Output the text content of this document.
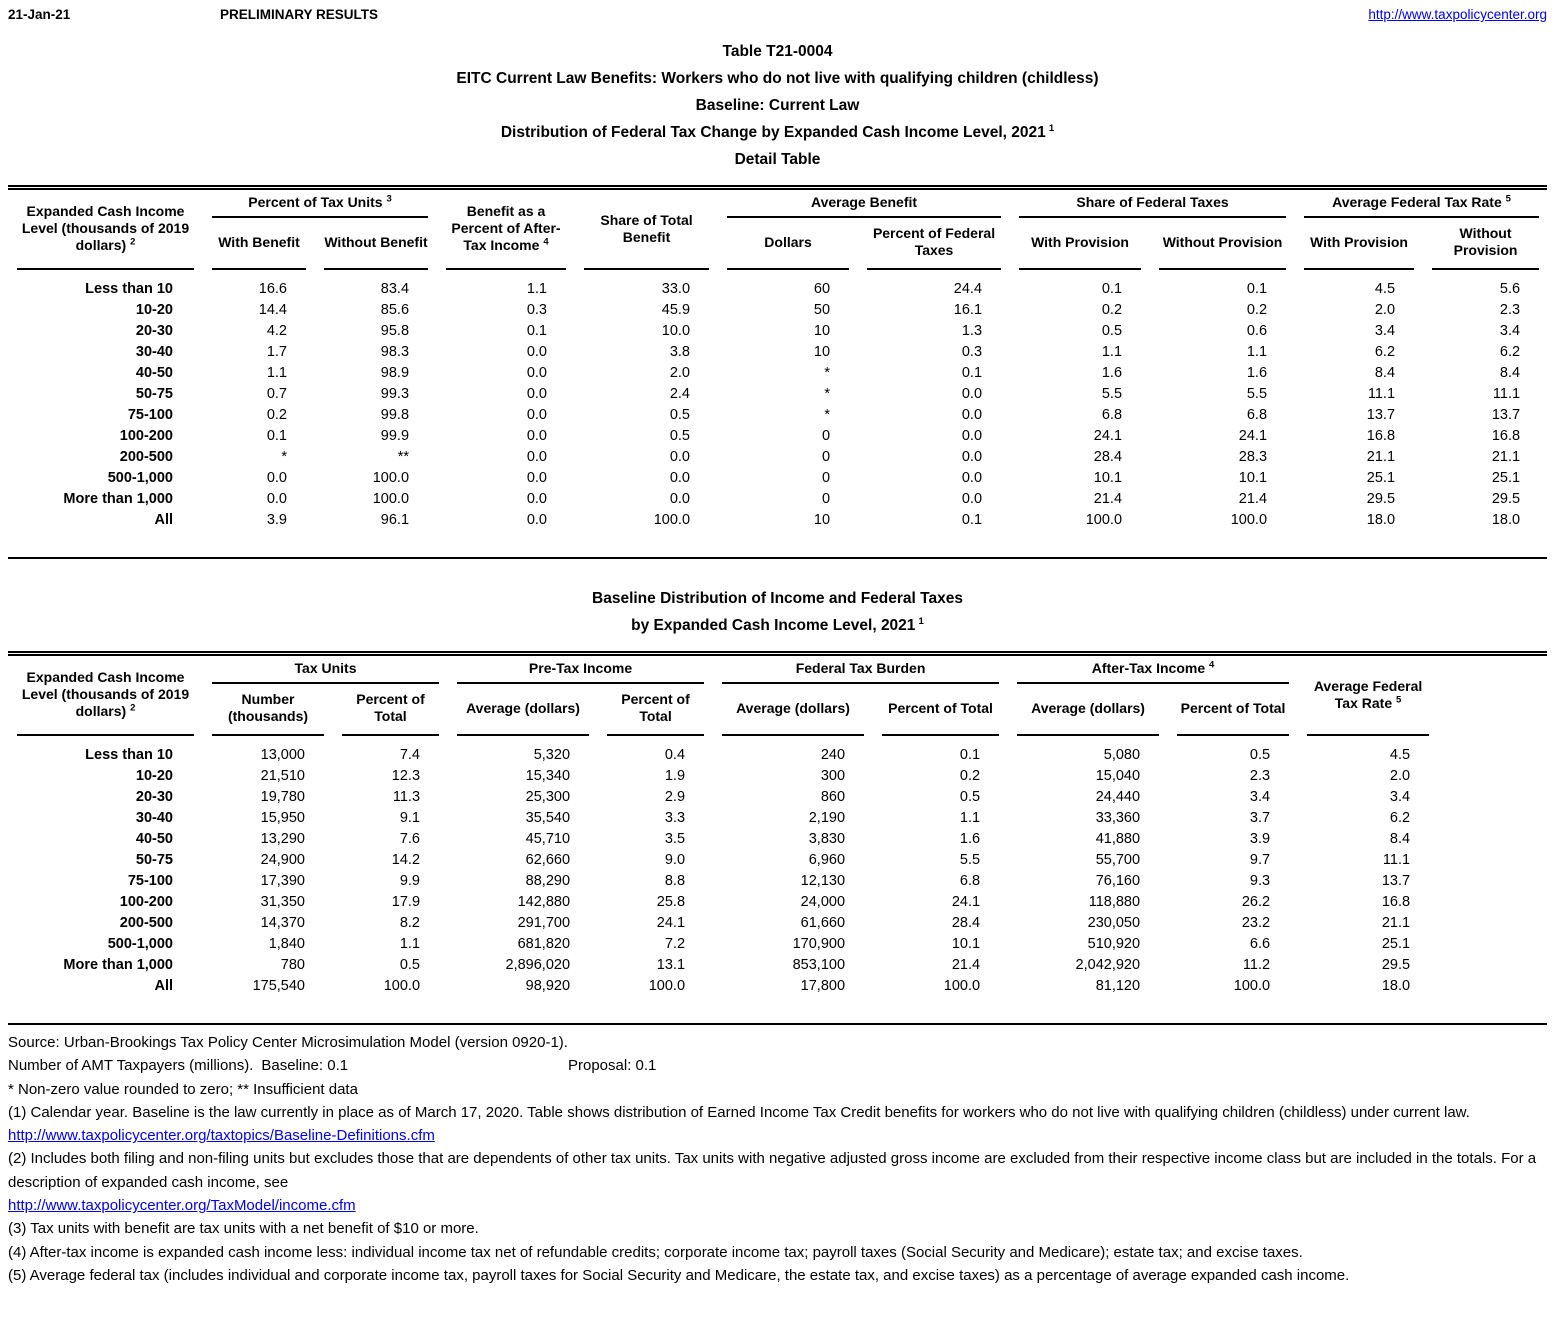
21-Jan-21	PRELIMINARY RESULTS	http://www.taxpolicycenter.org
Table T21-0004
EITC Current Law Benefits: Workers who do not live with qualifying children (childless)
Baseline: Current Law
Distribution of Federal Tax Change by Expanded Cash Income Level, 2021  $^1$
Detail Table
Expanded Cash Income Level (thousands of 2019 dollars) $^2$	Percent of Tax Units $^3$		Benefit as a Percent of After-Tax Income $^4$	Share of Total Benefit	Average Benefit		Share of Federal Taxes		Average Federal Tax Rate $^5$
	With Benefit	Without Benefit			Dollars	Percent of Federal Taxes	With Provision	Without Provision	With Provision	Without Provision
Less than 10	16.6	83.4	1.1	33.0	60	24.4	0.1	0.1	4.5	5.6
10-20	14.4	85.6	0.3	45.9	50	16.1	0.2	0.2	2.0	2.3
20-30	4.2	95.8	0.1	10.0	10	1.3	0.5	0.6	3.4	3.4
30-40	1.7	98.3	0.0	3.8	10	0.3	1.1	1.1	6.2	6.2
40-50	1.1	98.9	0.0	2.0	*	0.1	1.6	1.6	8.4	8.4
50-75	0.7	99.3	0.0	2.4	*	0.0	5.5	5.5	11.1	11.1
75-100	0.2	99.8	0.0	0.5	*	0.0	6.8	6.8	13.7	13.7
100-200	0.1	99.9	0.0	0.5	0	0.0	24.1	24.1	16.8	16.8
200-500	*	**	0.0	0.0	0	0.0	28.4	28.3	21.1	21.1
500-1,000	0.0	100.0	0.0	0.0	0	0.0	10.1	10.1	25.1	25.1
More than 1,000	0.0	100.0	0.0	0.0	0	0.0	21.4	21.4	29.5	29.5
All	3.9	96.1	0.0	100.0	10	0.1	100.0	100.0	18.0	18.0
Baseline Distribution of Income and Federal Taxes
by Expanded Cash Income Level, 2021  $^1$
Expanded Cash Income Level (thousands of 2019 dollars) $^2$	Tax Units		Pre-Tax Income		Federal Tax Burden		After-Tax Income $^4$		Average Federal Tax Rate $^5$
	Number (thousands)	Percent of Total	Average (dollars)	Percent of Total	Average (dollars)	Percent of Total	Average (dollars)	Percent of Total	
Less than 10	13,000	7.4	5,320	0.4	240	0.1	5,080	0.5	4.5
10-20	21,510	12.3	15,340	1.9	300	0.2	15,040	2.3	2.0
20-30	19,780	11.3	25,300	2.9	860	0.5	24,440	3.4	3.4
30-40	15,950	9.1	35,540	3.3	2,190	1.1	33,360	3.7	6.2
40-50	13,290	7.6	45,710	3.5	3,830	1.6	41,880	3.9	8.4
50-75	24,900	14.2	62,660	9.0	6,960	5.5	55,700	9.7	11.1
75-100	17,390	9.9	88,290	8.8	12,130	6.8	76,160	9.3	13.7
100-200	31,350	17.9	142,880	25.8	24,000	24.1	118,880	26.2	16.8
200-500	14,370	8.2	291,700	24.1	61,660	28.4	230,050	23.2	21.1
500-1,000	1,840	1.1	681,820	7.2	170,900	10.1	510,920	6.6	25.1
More than 1,000	780	0.5	2,896,020	13.1	853,100	21.4	2,042,920	11.2	29.5
All	175,540	100.0	98,920	100.0	17,800	100.0	81,120	100.0	18.0
Source: Urban-Brookings Tax Policy Center Microsimulation Model (version 0920-1).
Number of AMT Taxpayers (millions). Baseline: 0.1	Proposal: 0.1
* Non-zero value rounded to zero; ** Insufficient data
(1) Calendar year. Baseline is the law currently in place as of March 17, 2020. Table shows distribution of Earned Income Tax Credit benefits for workers who do not live with qualifying children (childless) under current law.
http://www.taxpolicycenter.org/taxtopics/Baseline-Definitions.cfm
(2) Includes both filing and non-filing units but excludes those that are dependents of other tax units. Tax units with negative adjusted gross income are excluded from their respective income class but are included in the totals. For a description of expanded cash income, see
http://www.taxpolicycenter.org/TaxModel/income.cfm
(3) Tax units with benefit are tax units with a net benefit of $10 or more.
(4) After-tax income is expanded cash income less: individual income tax net of refundable credits; corporate income tax; payroll taxes (Social Security and Medicare); estate tax; and excise taxes.
(5) Average federal tax (includes individual and corporate income tax, payroll taxes for Social Security and Medicare, the estate tax, and excise taxes) as a percentage of average expanded cash income.
